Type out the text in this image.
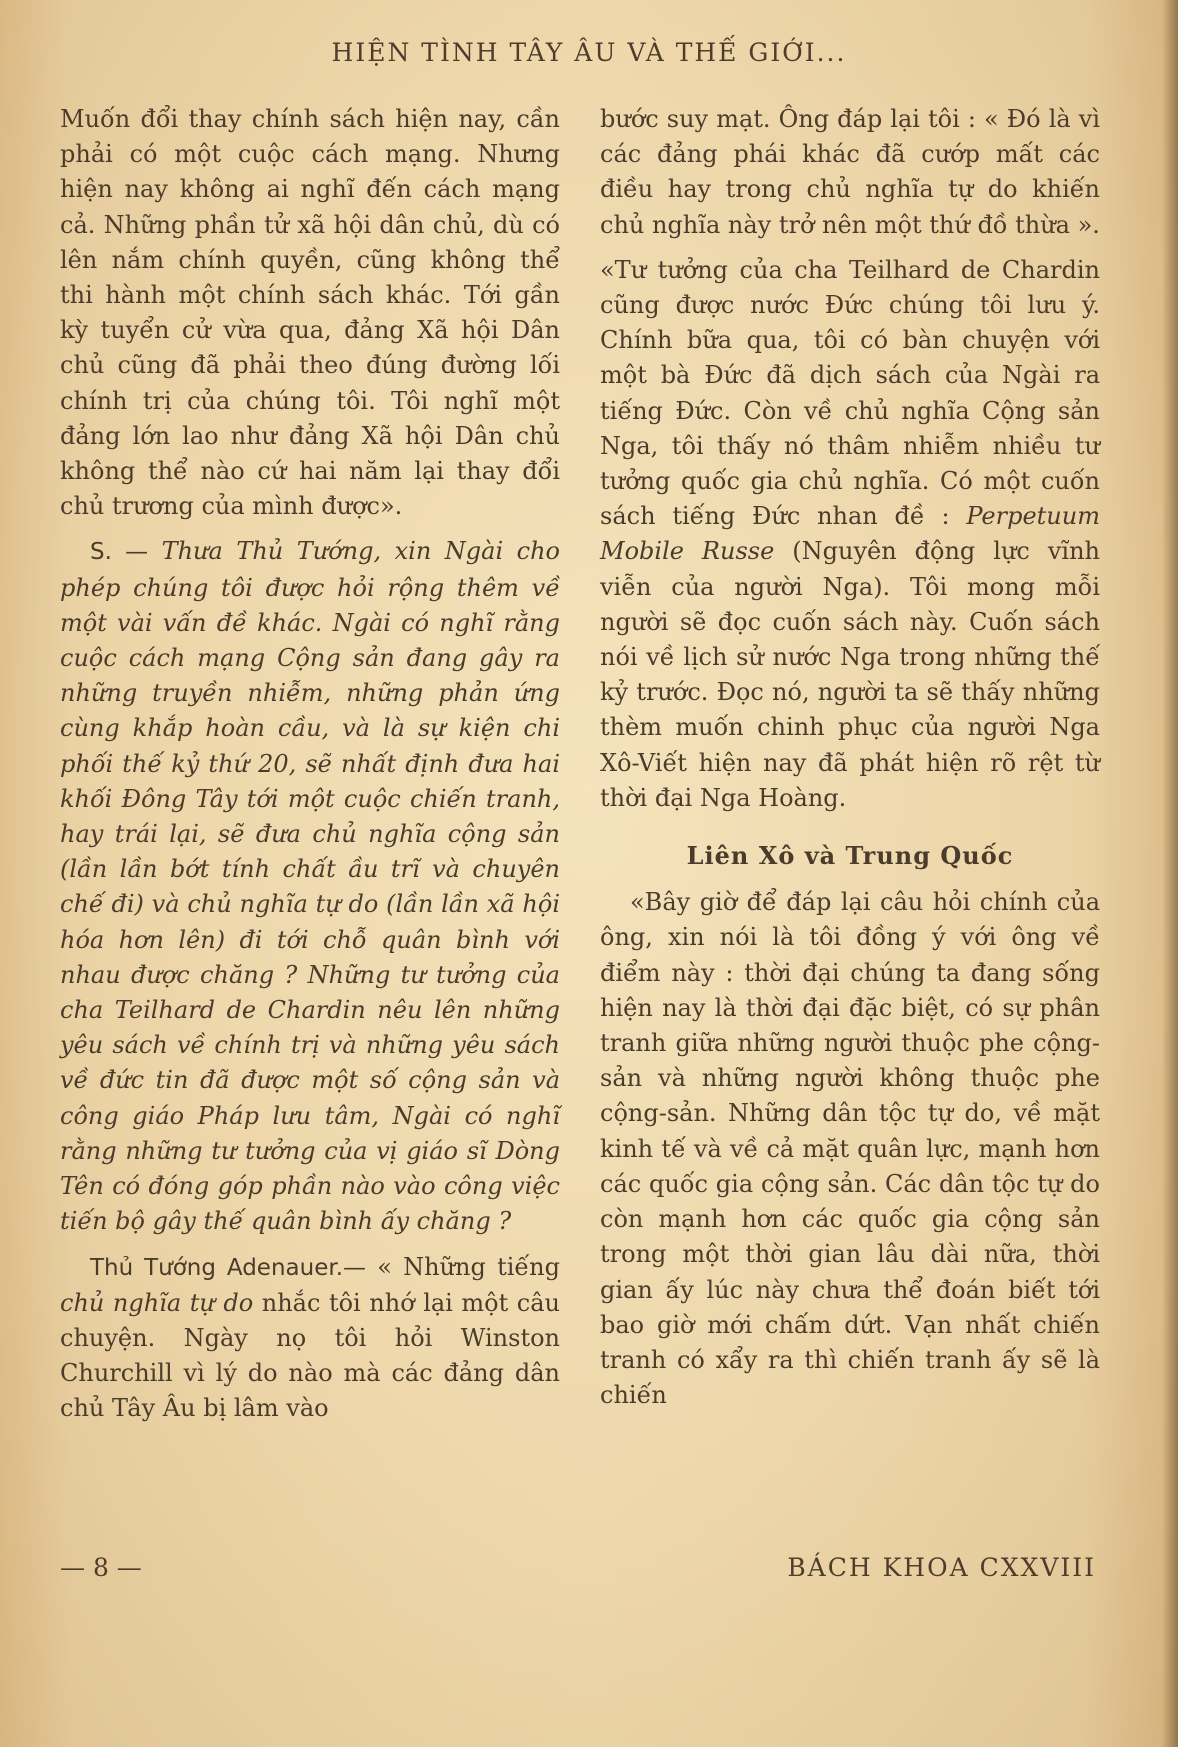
HIỆN TÌNH TÂY ÂU VÀ THẾ GIỚI...

Muốn đổi thay chính sách hiện nay, cần phải có một cuộc cách mạng. Nhưng hiện nay không ai nghĩ đến cách mạng cả. Những phần tử xã hội dân chủ, dù có lên nắm chính quyền, cũng không thể thi hành một chính sách khác. Tới gần kỳ tuyển cử vừa qua, đảng Xã hội Dân chủ cũng đã phải theo đúng đường lối chính trị của chúng tôi. Tôi nghĩ một đảng lớn lao như đảng Xã hội Dân chủ không thể nào cứ hai năm lại thay đổi chủ trương của mình được».

S. — Thưa Thủ Tướng, xin Ngài cho phép chúng tôi được hỏi rộng thêm về một vài vấn đề khác. Ngài có nghĩ rằng cuộc cách mạng Cộng sản đang gây ra những truyền nhiễm, những phản ứng cùng khắp hoàn cầu, và là sự kiện chi phối thế kỷ thứ 20, sẽ nhất định đưa hai khối Đông Tây tới một cuộc chiến tranh, hay trái lại, sẽ đưa chủ nghĩa cộng sản (lần lần bớt tính chất ầu trĩ và chuyên chế đi) và chủ nghĩa tự do (lần lần xã hội hóa hơn lên) đi tới chỗ quân bình với nhau được chăng ? Những tư tưởng của cha Teilhard de Chardin nêu lên những yêu sách về chính trị và những yêu sách về đức tin đã được một số cộng sản và công giáo Pháp lưu tâm, Ngài có nghĩ rằng những tư tưởng của vị giáo sĩ Dòng Tên có đóng góp phần nào vào công việc tiến bộ gây thế quân bình ấy chăng ?

Thủ Tướng Adenauer.— « Những tiếng chủ nghĩa tự do nhắc tôi nhớ lại một câu chuyện. Ngày nọ tôi hỏi Winston Churchill vì lý do nào mà các đảng dân chủ Tây Âu bị lâm vào

bước suy mạt. Ông đáp lại tôi : « Đó là vì các đảng phái khác đã cướp mất các điều hay trong chủ nghĩa tự do khiến chủ nghĩa này trở nên một thứ đồ thừa ».

«Tư tưởng của cha Teilhard de Chardin cũng được nước Đức chúng tôi lưu ý. Chính bữa qua, tôi có bàn chuyện với một bà Đức đã dịch sách của Ngài ra tiếng Đức. Còn về chủ nghĩa Cộng sản Nga, tôi thấy nó thâm nhiễm nhiều tư tưởng quốc gia chủ nghĩa. Có một cuốn sách tiếng Đức nhan đề : Perpetuum Mobile Russe (Nguyên động lực vĩnh viễn của người Nga). Tôi mong mỗi người sẽ đọc cuốn sách này. Cuốn sách nói về lịch sử nước Nga trong những thế kỷ trước. Đọc nó, người ta sẽ thấy những thèm muốn chinh phục của người Nga Xô-Viết hiện nay đã phát hiện rõ rệt từ thời đại Nga Hoàng.

Liên Xô và Trung Quốc

«Bây giờ để đáp lại câu hỏi chính của ông, xin nói là tôi đồng ý với ông về điểm này : thời đại chúng ta đang sống hiện nay là thời đại đặc biệt, có sự phân tranh giữa những người thuộc phe cộng-sản và những người không thuộc phe cộng-sản. Những dân tộc tự do, về mặt kinh tế và về cả mặt quân lực, mạnh hơn các quốc gia cộng sản. Các dân tộc tự do còn mạnh hơn các quốc gia cộng sản trong một thời gian lâu dài nữa, thời gian ấy lúc này chưa thể đoán biết tới bao giờ mới chấm dứt. Vạn nhất chiến tranh có xẩy ra thì chiến tranh ấy sẽ là chiến

— 8 —	BÁCH KHOA CXXVIII
